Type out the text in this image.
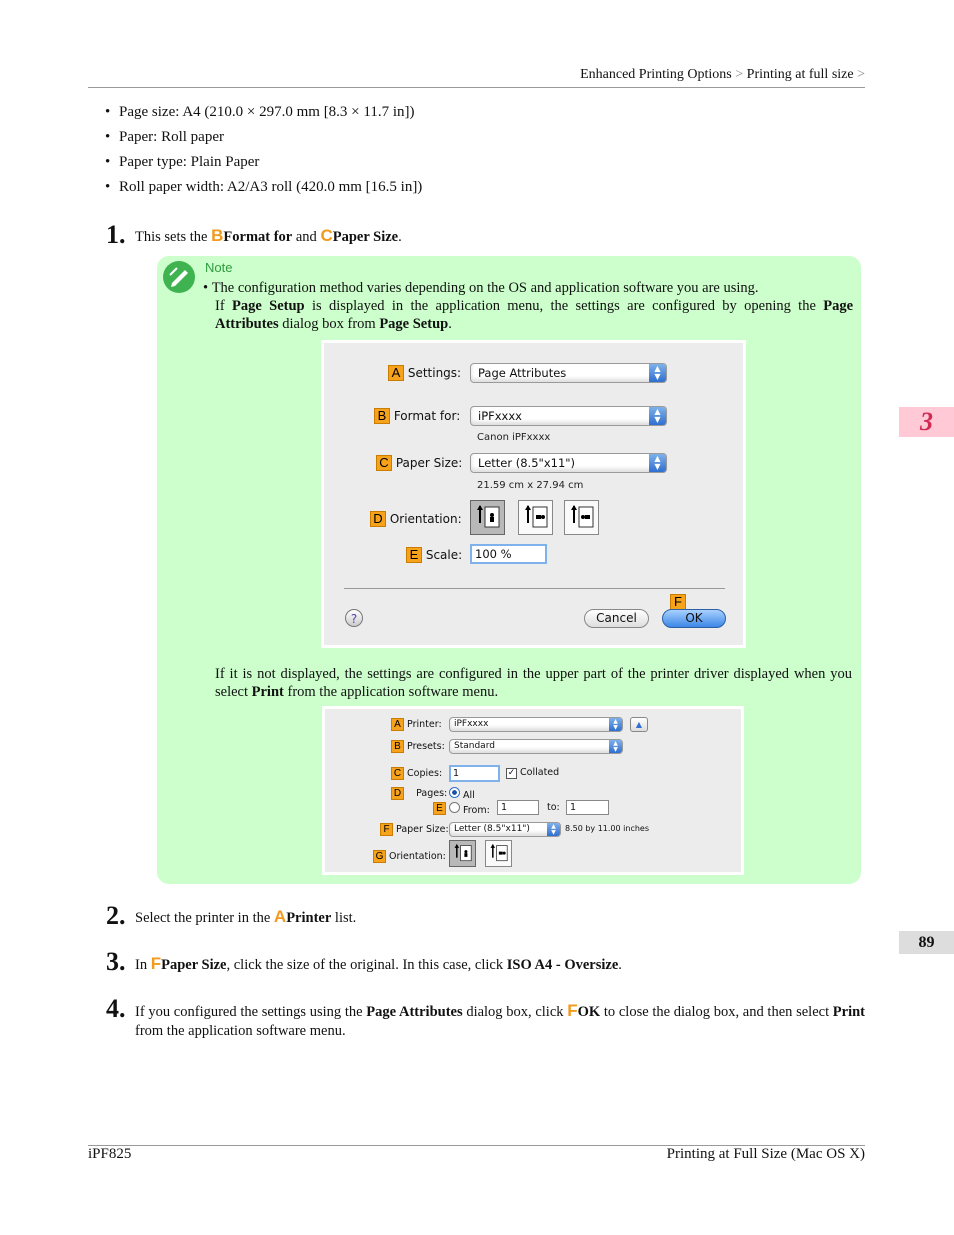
Enhanced Printing Options > Printing at full size >
• Page size: A4 (210.0 × 297.0 mm [8.3 × 11.7 in])
• Paper: Roll paper
• Paper type: Plain Paper
• Roll paper width: A2/A3 roll (420.0 mm [16.5 in])
1. This sets the BFormat for and CPaper Size.
Note
• The configuration method varies depending on the OS and application software you are using.
If Page Setup is displayed in the application menu, the settings are configured by opening the Page Attributes dialog box from Page Setup.
A Settings:	Page Attributes	▲
▼
B Format for:	iPFxxxx	▲
▼
Canon iPFxxxx
C Paper Size:	Letter (8.5"x11")	▲
▼
21.59 cm x 27.94 cm
D Orientation:
E Scale:	100 %
?
F
Cancel	OK
If it is not displayed, the settings are configured in the upper part of the printer driver displayed when you select Print from the application software menu.
A Printer:	iPFxxxx	▲
▼	▲
B Presets:	Standard	▲
▼
C Copies:	1	✓ Collated
D Pages:	All
E	From:	1	to:	1
F Paper Size: Letter (8.5"x11")	▲
▼	8.50 by 11.00 inches
G Orientation:
2. Select the printer in the APrinter list.
3. In FPaper Size, click the size of the original. In this case, click ISO A4 - Oversize.
4. If you configured the settings using the Page Attributes dialog box, click FOK to close the dialog box, and then select Print from the application software menu.
3
89
iPF825	Printing at Full Size (Mac OS X)
